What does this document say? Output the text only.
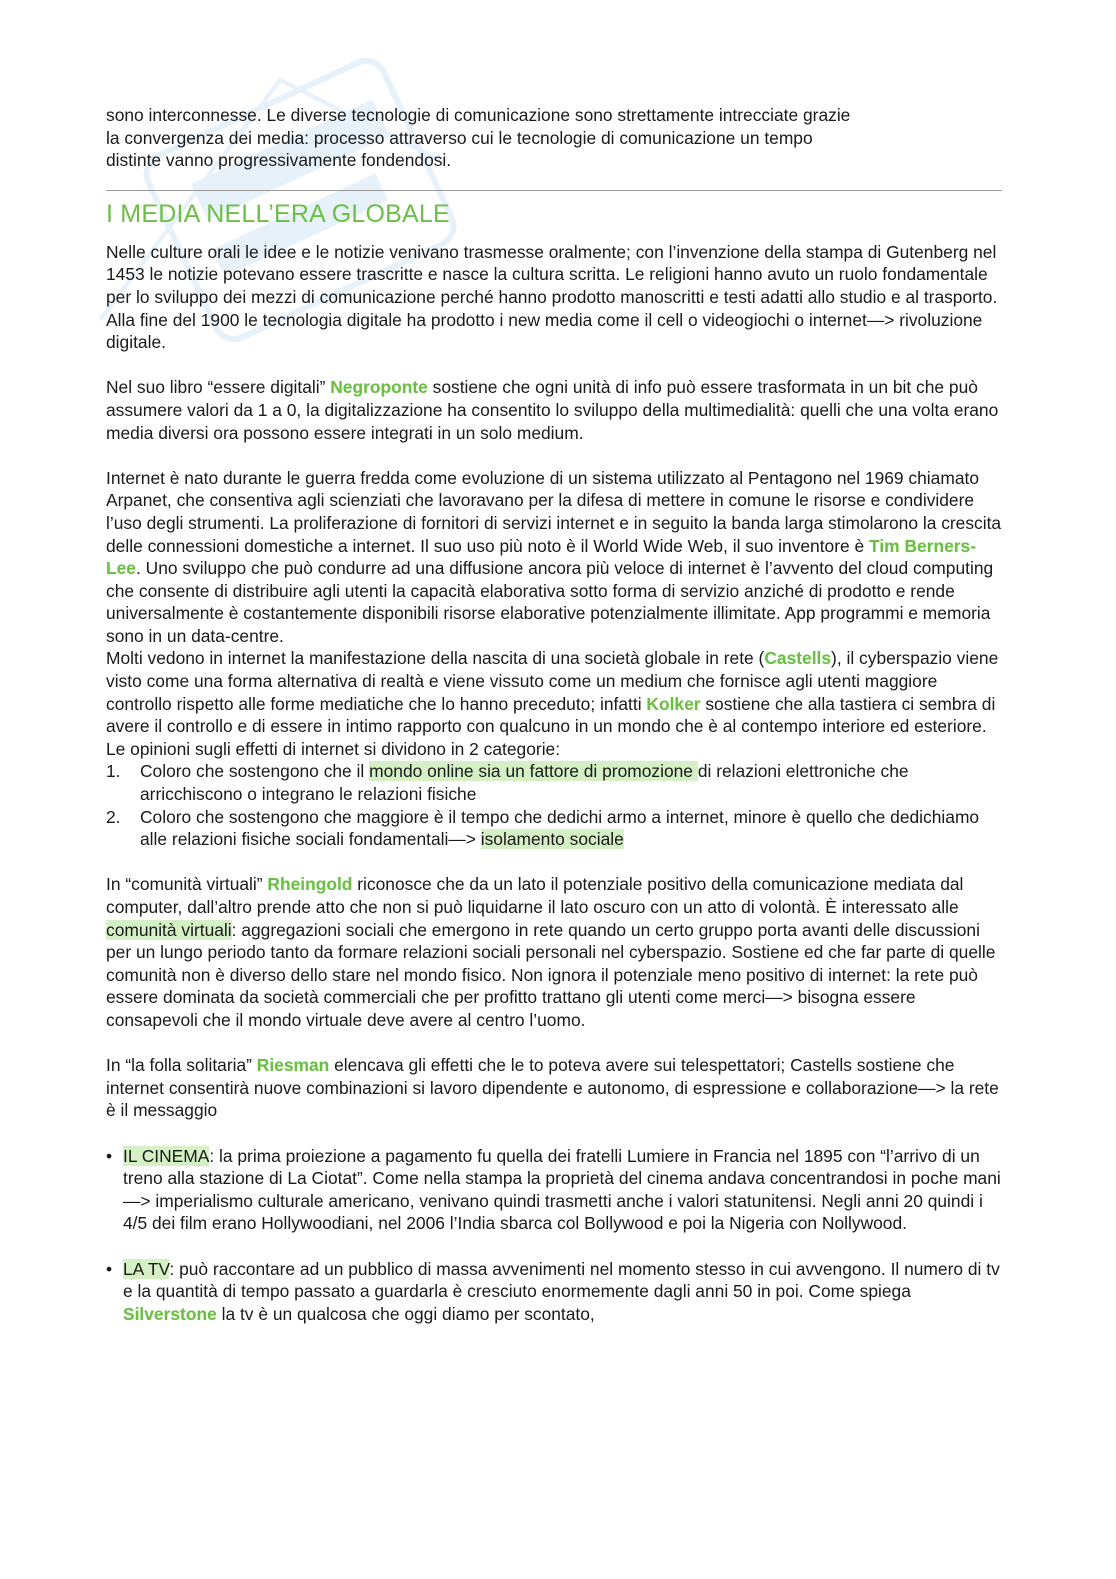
sono interconnesse. Le diverse tecnologie di comunicazione sono strettamente intrecciate grazie

la convergenza dei media: processo attraverso cui le tecnologie di comunicazione un tempo

distinte vanno progressivamente fondendosi.

I MEDIA NELL’ERA GLOBALE

Nelle culture orali le idee e le notizie venivano trasmesse oralmente; con l’invenzione della stampa di Gutenberg nel 1453 le notizie potevano essere trascritte e nasce la cultura scritta. Le religioni hanno avuto un ruolo fondamentale per lo sviluppo dei mezzi di comunicazione perché hanno prodotto manoscritti e testi adatti allo studio e al trasporto. Alla fine del 1900 le tecnologia digitale ha prodotto i new media come il cell o videogiochi o internet—> rivoluzione digitale.

Nel suo libro “essere digitali” Negroponte sostiene che ogni unità di info può essere trasformata in un bit che può assumere valori da 1 a 0, la digitalizzazione ha consentito lo sviluppo della multimedialità: quelli che una volta erano media diversi ora possono essere integrati in un solo medium.

Internet è nato durante le guerra fredda come evoluzione di un sistema utilizzato al Pentagono nel 1969 chiamato Arpanet, che consentiva agli scienziati che lavoravano per la difesa di mettere in comune le risorse e condividere l’uso degli strumenti. La proliferazione di fornitori di servizi internet e in seguito la banda larga stimolarono la crescita delle connessioni domestiche a internet. Il suo uso più noto è il World Wide Web, il suo inventore è Tim Berners-Lee. Uno sviluppo che può condurre ad una diffusione ancora più veloce di internet è l’avvento del cloud computing che consente di distribuire agli utenti la capacità elaborativa sotto forma di servizio anziché di prodotto e rende universalmente è costantemente disponibili risorse elaborative potenzialmente illimitate. App programmi e memoria sono in un data-centre.

Molti vedono in internet la manifestazione della nascita di una società globale in rete (Castells), il cyberspazio viene visto come una forma alternativa di realtà e viene vissuto come un medium che fornisce agli utenti maggiore controllo rispetto alle forme mediatiche che lo hanno preceduto; infatti Kolker sostiene che alla tastiera ci sembra di avere il controllo e di essere in intimo rapporto con qualcuno in un mondo che è al contempo interiore ed esteriore.

Le opinioni sugli effetti di internet si dividono in 2 categorie:

1. Coloro che sostengono che il mondo online sia un fattore di promozione di relazioni elettroniche che arricchiscono o integrano le relazioni fisiche
2. Coloro che sostengono che maggiore è il tempo che dedichi armo a internet, minore è quello che dedichiamo alle relazioni fisiche sociali fondamentali—> isolamento sociale

In “comunità virtuali” Rheingold riconosce che da un lato il potenziale positivo della comunicazione mediata dal computer, dall’altro prende atto che non si può liquidarne il lato oscuro con un atto di volontà. È interessato alle comunità virtuali: aggregazioni sociali che emergono in rete quando un certo gruppo porta avanti delle discussioni per un lungo periodo tanto da formare relazioni sociali personali nel cyberspazio. Sostiene ed che far parte di quelle comunità non è diverso dello stare nel mondo fisico. Non ignora il potenziale meno positivo di internet: la rete può essere dominata da società commerciali che per profitto trattano gli utenti come merci—> bisogna essere consapevoli che il mondo virtuale deve avere al centro l’uomo.

In “la folla solitaria” Riesman elencava gli effetti che le to poteva avere sui telespettatori; Castells sostiene che internet consentirà nuove combinazioni si lavoro dipendente e autonomo, di espressione e collaborazione—> la rete è il messaggio

• IL CINEMA: la prima proiezione a pagamento fu quella dei fratelli Lumiere in Francia nel 1895 con “l’arrivo di un treno alla stazione di La Ciotat”. Come nella stampa la proprietà del cinema andava concentrandosi in poche mani—> imperialismo culturale americano, venivano quindi trasmetti anche i valori statunitensi. Negli anni 20 quindi i 4/5 dei film erano Hollywoodiani, nel 2006 l’India sbarca col Bollywood e poi la Nigeria con Nollywood.
• LA TV: può raccontare ad un pubblico di massa avvenimenti nel momento stesso in cui avvengono. Il numero di tv e la quantità di tempo passato a guardarla è cresciuto enormemente dagli anni 50 in poi. Come spiega Silverstone la tv è un qualcosa che oggi diamo per scontato,
